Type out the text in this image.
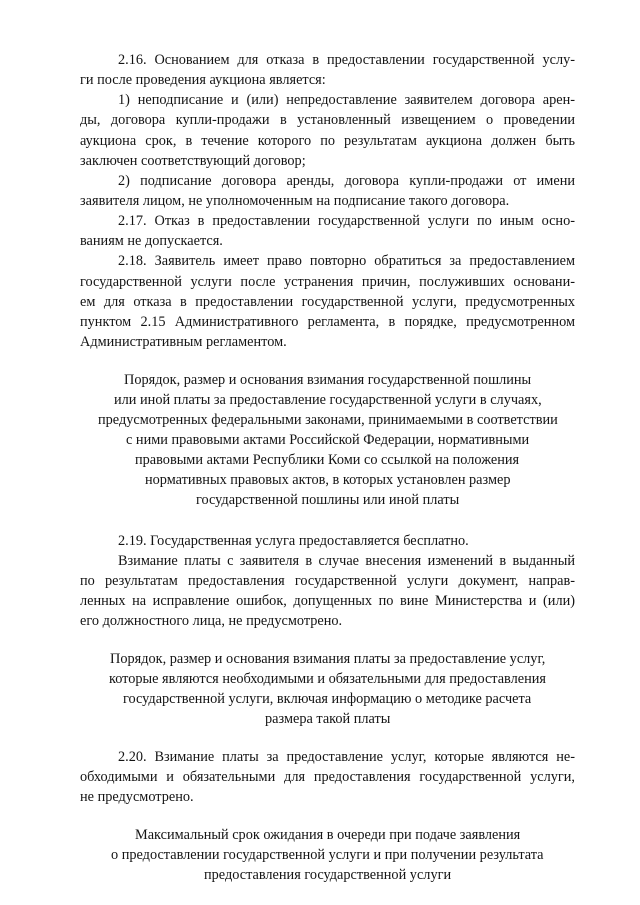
2.16. Основанием для отказа в предоставлении государственной услу-
ги после проведения аукциона является:
1) неподписание и (или) непредоставление заявителем договора арен-
ды, договора купли-продажи в установленный извещением о проведении
аукциона срок, в течение которого по результатам аукциона должен быть
заключен соответствующий договор;
2) подписание договора аренды, договора купли-продажи от имени
заявителя лицом, не уполномоченным на подписание такого договора.
2.17. Отказ в предоставлении государственной услуги по иным осно-
ваниям не допускается.
2.18. Заявитель имеет право повторно обратиться за предоставлением
государственной услуги после устранения причин, послуживших основани-
ем для отказа в предоставлении государственной услуги, предусмотренных
пунктом 2.15 Административного регламента, в порядке, предусмотренном
Административным регламентом.
Порядок, размер и основания взимания государственной пошлины
или иной платы за предоставление государственной услуги в случаях,
предусмотренных федеральными законами, принимаемыми в соответствии
с ними правовыми актами Российской Федерации, нормативными
правовыми актами Республики Коми со ссылкой на положения
нормативных правовых актов, в которых установлен размер
государственной пошлины или иной платы
2.19. Государственная услуга предоставляется бесплатно.
Взимание платы с заявителя в случае внесения изменений в выданный
по результатам предоставления государственной услуги документ, направ-
ленных на исправление ошибок, допущенных по вине Министерства и (или)
его должностного лица, не предусмотрено.
Порядок, размер и основания взимания платы за предоставление услуг,
которые являются необходимыми и обязательными для предоставления
государственной услуги, включая информацию о методике расчета
размера такой платы
2.20. Взимание платы за предоставление услуг, которые являются не-
обходимыми и обязательными для предоставления государственной услуги,
не предусмотрено.
Максимальный срок ожидания в очереди при подаче заявления
о предоставлении государственной услуги и при получении результата
предоставления государственной услуги
